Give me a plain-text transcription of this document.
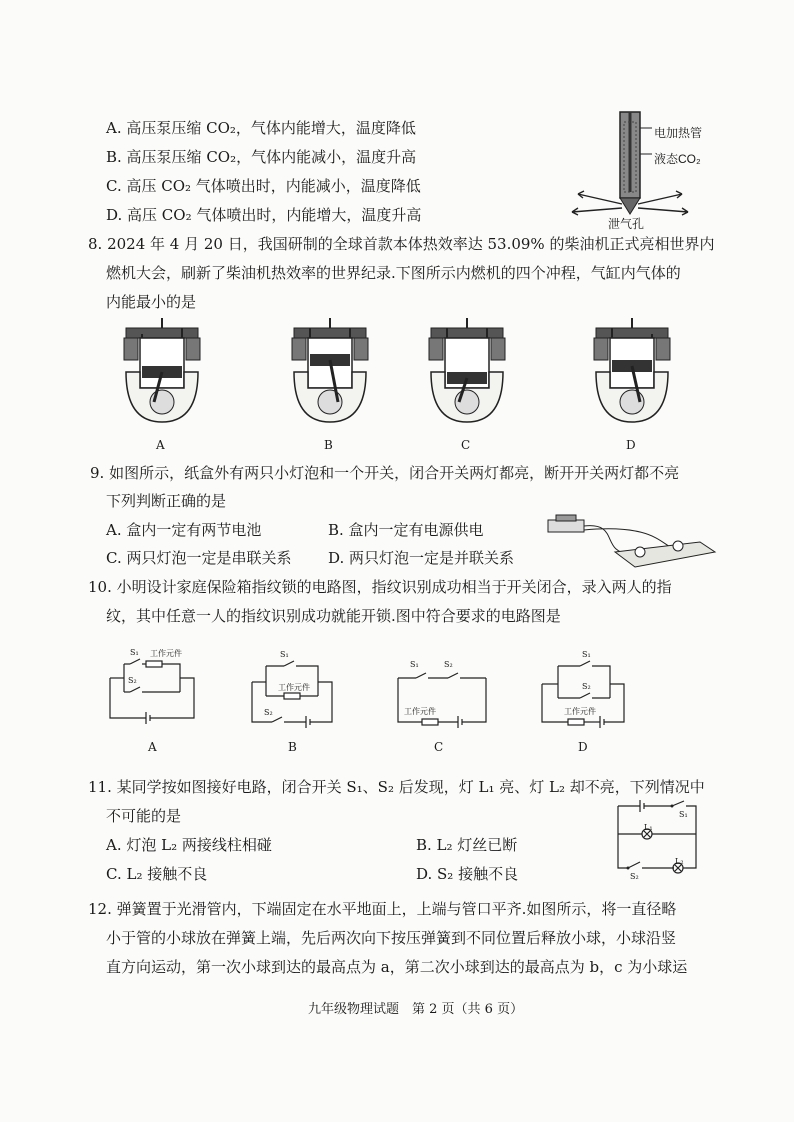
A. 高压泵压缩 CO₂，气体内能增大，温度降低
B. 高压泵压缩 CO₂，气体内能减小，温度升高
C. 高压 CO₂ 气体喷出时，内能减小，温度降低
D. 高压 CO₂ 气体喷出时，内能增大，温度升高
电加热管
液态CO₂
泄气孔
8. 2024 年 4 月 20 日，我国研制的全球首款本体热效率达 53.09% 的柴油机正式亮相世界内
燃机大会，刷新了柴油机热效率的世界纪录.下图所示内燃机的四个冲程，气缸内气体的
内能最小的是
A	B	C	D
9. 如图所示，纸盒外有两只小灯泡和一个开关，闭合开关两灯都亮，断开开关两灯都不亮
下列判断正确的是
A. 盒内一定有两节电池	B. 盒内一定有电源供电
C. 两只灯泡一定是串联关系 D. 两只灯泡一定是并联关系
10. 小明设计家庭保险箱指纹锁的电路图，指纹识别成功相当于开关闭合，录入两人的指
纹，其中任意一人的指纹识别成功就能开锁.图中符合要求的电路图是
S₁
S₂
工作元件
A
S₁
S₂
工作元件
B
S₁	S₂
工作元件
C
S₁
S₂
工作元件
D
11. 某同学按如图接好电路，闭合开关 S₁、S₂ 后发现，灯 L₁ 亮、灯 L₂ 却不亮，下列情况中
不可能的是
A. 灯泡 L₂ 两接线柱相碰	B. L₂ 灯丝已断
C. L₂ 接触不良	D. S₂ 接触不良
S₁
S₂
L₁
L₂
12. 弹簧置于光滑管内，下端固定在水平地面上，上端与管口平齐.如图所示，将一直径略
小于管的小球放在弹簧上端，先后两次向下按压弹簧到不同位置后释放小球，小球沿竖
直方向运动，第一次小球到达的最高点为 a，第二次小球到达的最高点为 b，c 为小球运
九年级物理试题　第 2 页（共 6 页）
